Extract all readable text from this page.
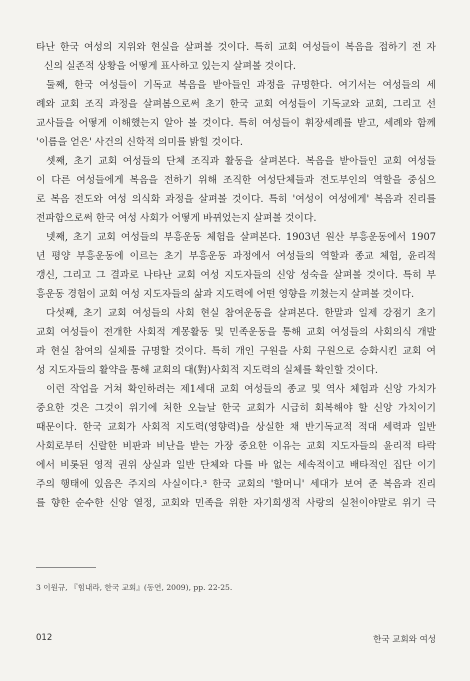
타난 한국 여성의 지위와 현실을 살펴볼 것이다. 특히 교회 여성들이 복음을 접하기 전 자
신의 실존적 상황을 어떻게 표사하고 있는지 살펴볼 것이다.
둘째, 한국 여성들이 기독교 복음을 받아들인 과정을 규명한다. 여기서는 여성들의 세
례와 교회 조직 과정을 살펴봄으로써 초기 한국 교회 여성들이 기독교와 교회, 그리고 선
교사들을 어떻게 이해했는지 알아 볼 것이다. 특히 여성들이 휘장세례를 받고, 세례와 함께
'이름을 얻은' 사건의 신학적 의미를 밝힐 것이다.
셋째, 초기 교회 여성들의 단체 조직과 활동을 살펴본다. 복음을 받아들인 교회 여성들
이 다른 여성들에게 복음을 전하기 위해 조직한 여성단체들과 전도부인의 역할을 중심으
로 복음 전도와 여성 의식화 과정을 살펴볼 것이다. 특히 '여성이 여성에게' 복음과 진리를
전파함으로써 한국 여성 사회가 어떻게 바뀌었는지 살펴볼 것이다.
넷째, 초기 교회 여성들의 부흥운동 체험을 살펴본다. 1903년 원산 부흥운동에서 1907
년 평양 부흥운동에 이르는 초기 부흥운동 과정에서 여성들의 역할과 종교 체험, 윤리적
갱신, 그리고 그 결과로 나타난 교회 여성 지도자들의 신앙 성숙을 살펴볼 것이다. 특히 부
흥운동 경험이 교회 여성 지도자들의 삶과 지도력에 어떤 영향을 끼쳤는지 살펴볼 것이다.
다섯째, 초기 교회 여성들의 사회 현실 참여운동을 살펴본다. 한말과 일제 강점기 초기
교회 여성들이 전개한 사회적 계몽활동 및 민족운동을 통해 교회 여성들의 사회의식 개발
과 현실 참여의 실체를 규명할 것이다. 특히 개인 구원을 사회 구원으로 승화시킨 교회 여
성 지도자들의 활약을 통해 교회의 대(對)사회적 지도력의 실체를 확인할 것이다.
이런 작업을 거쳐 확인하려는 제1세대 교회 여성들의 종교 및 역사 체험과 신앙 가치가
중요한 것은 그것이 위기에 처한 오늘날 한국 교회가 시급히 회복해야 할 신앙 가치이기
때문이다. 한국 교회가 사회적 지도력(영향력)을 상실한 채 반기독교적 적대 세력과 일반
사회로부터 신랄한 비판과 비난을 받는 가장 중요한 이유는 교회 지도자들의 윤리적 타락
에서 비롯된 영적 권위 상실과 일반 단체와 다를 바 없는 세속적이고 배타적인 집단 이기
주의 행태에 있음은 주지의 사실이다.³ 한국 교회의 '할머니' 세대가 보여 준 복음과 진리
를 향한 순수한 신앙 열정, 교회와 민족을 위한 자기희생적 사랑의 실천이야말로 위기 극
3 이원규, 『힘내라, 한국 교회』(동연, 2009), pp. 22-25.
012	한국 교회와 여성
